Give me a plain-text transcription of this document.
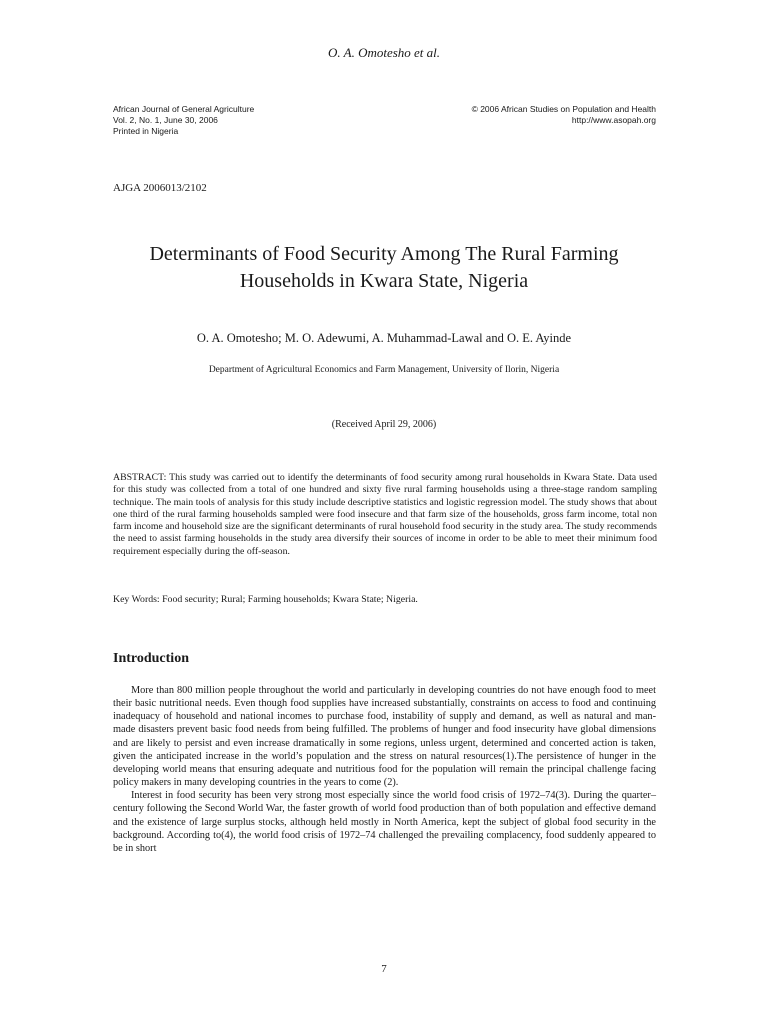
O. A. Omotesho et al.
African Journal of General Agriculture
Vol. 2, No. 1, June 30, 2006
Printed in Nigeria
© 2006 African Studies on Population and Health
http://www.asopah.org
AJGA 2006013/2102
Determinants of Food Security Among The Rural Farming Households in Kwara State, Nigeria
O. A. Omotesho; M. O. Adewumi, A. Muhammad-Lawal and O. E. Ayinde
Department of Agricultural Economics and Farm Management, University of Ilorin, Nigeria
(Received April 29, 2006)
ABSTRACT: This study was carried out to identify the determinants of food security among rural households in Kwara State. Data used for this study was collected from a total of one hundred and sixty five rural farming households using a three-stage random sampling technique. The main tools of analysis for this study include descriptive statistics and logistic regression model. The study shows that about one third of the rural farming households sampled were food insecure and that farm size of the households, gross farm income, total non farm income and household size are the significant determinants of rural household food security in the study area. The study recommends the need to assist farming households in the study area diversify their sources of income in order to be able to meet their minimum food requirement especially during the off-season.
Key Words: Food security; Rural; Farming households; Kwara State; Nigeria.
Introduction

More than 800 million people throughout the world and particularly in developing countries do not have enough food to meet their basic nutritional needs. Even though food supplies have increased substantially, constraints on access to food and continuing inadequacy of household and national incomes to purchase food, instability of supply and demand, as well as natural and man-made disasters prevent basic food needs from being fulfilled. The problems of hunger and food insecurity have global dimensions and are likely to persist and even increase dramatically in some regions, unless urgent, determined and concerted action is taken, given the anticipated increase in the world’s population and the stress on natural resources(1).The persistence of hunger in the developing world means that ensuring adequate and nutritious food for the population will remain the principal challenge facing policy makers in many developing countries in the years to come (2).

Interest in food security has been very strong most especially since the world food crisis of 1972–74(3). During the quarter–century following the Second World War, the faster growth of world food production than of both population and effective demand and the existence of large surplus stocks, although held mostly in North America, kept the subject of global food security in the background. According to(4), the world food crisis of 1972–74 challenged the prevailing complacency, food suddenly appeared to be in short

7
